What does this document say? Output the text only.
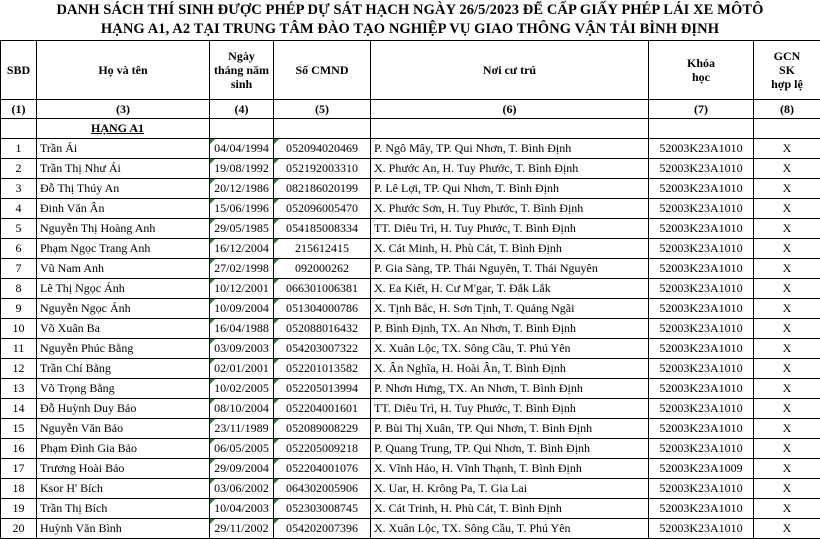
DANH SÁCH THÍ SINH ĐƯỢC PHÉP DỰ SÁT HẠCH NGÀY 26/5/2023 ĐỂ CẤP GIẤY PHÉP LÁI XE MÔTÔ
HẠNG A1, A2 TẠI TRUNG TÂM ĐÀO TẠO NGHIỆP VỤ GIAO THÔNG VẬN TẢI BÌNH ĐỊNH
SBD	Họ và tên	Ngày tháng năm sinh	Số CMND	Nơi cư trú	Khóa học	GCN SK hợp lệ
(1)	(3)	(4)	(5)	(6)	(7)	(8)
	HẠNG A1					
1	Trần Ái	04/04/1994	052094020469	P. Ngô Mây, TP. Qui Nhơn, T. Bình Định	52003K23A1010	X
2	Trần Thị Như Ái	19/08/1992	052192003310	X. Phước An, H. Tuy Phước, T. Bình Định	52003K23A1010	X
3	Đỗ Thị Thúy An	20/12/1986	082186020199	P. Lê Lợi, TP. Qui Nhơn, T. Bình Định	52003K23A1010	X
4	Đinh Văn Ân	15/06/1996	052096005470	X. Phước Sơn, H. Tuy Phước, T. Bình Định	52003K23A1010	X
5	Nguyễn Thị Hoàng Anh	29/05/1985	054185008334	TT. Diêu Trì, H. Tuy Phước, T. Bình Định	52003K23A1010	X
6	Phạm Ngọc Trang Anh	16/12/2004	215612415	X. Cát Minh, H. Phù Cát, T. Bình Định	52003K23A1010	X
7	Vũ Nam Anh	27/02/1998	092000262	P. Gia Sàng, TP. Thái Nguyên, T. Thái Nguyên	52003K23A1010	X
8	Lê Thị Ngọc Ánh	10/12/2001	066301006381	X. Ea Kiết, H. Cư M'gar, T. Đắk Lắk	52003K23A1010	X
9	Nguyễn Ngọc Ánh	10/09/2004	051304000786	X. Tịnh Bắc, H. Sơn Tịnh, T. Quảng Ngãi	52003K23A1010	X
10	Võ Xuân Ba	16/04/1988	052088016432	P. Bình Định, TX. An Nhơn, T. Bình Định	52003K23A1010	X
11	Nguyễn Phúc Bằng	03/09/2003	054203007322	X. Xuân Lộc, TX. Sông Cầu, T. Phú Yên	52003K23A1010	X
12	Trần Chí Bằng	02/01/2001	052201013582	X. Ân Nghĩa, H. Hoài Ân, T. Bình Định	52003K23A1010	X
13	Võ Trọng Bằng	10/02/2005	052205013994	P. Nhơn Hưng, TX. An Nhơn, T. Bình Định	52003K23A1010	X
14	Đỗ Huỳnh Duy Bảo	08/10/2004	052204001601	TT. Diêu Trì, H. Tuy Phước, T. Bình Định	52003K23A1010	X
15	Nguyễn Văn Bảo	23/11/1989	052089008229	P. Bùi Thị Xuân, TP. Qui Nhơn, T. Bình Định	52003K23A1010	X
16	Phạm Đình Gia Bảo	06/05/2005	052205009218	P. Quang Trung, TP. Qui Nhơn, T. Bình Định	52003K23A1010	X
17	Trương Hoài Bảo	29/09/2004	052204001076	X. Vĩnh Hảo, H. Vĩnh Thạnh, T. Bình Định	52003K23A1009	X
18	Ksor H' Bích	03/06/2002	064302005906	X. Uar, H. Krông Pa, T. Gia Lai	52003K23A1010	X
19	Trần Thị Bích	10/04/2003	052303008745	X. Cát Trinh, H. Phù Cát, T. Bình Định	52003K23A1010	X
20	Huỳnh Văn Bình	29/11/2002	054202007396	X. Xuân Lộc, TX. Sông Cầu, T. Phú Yên	52003K23A1010	X
